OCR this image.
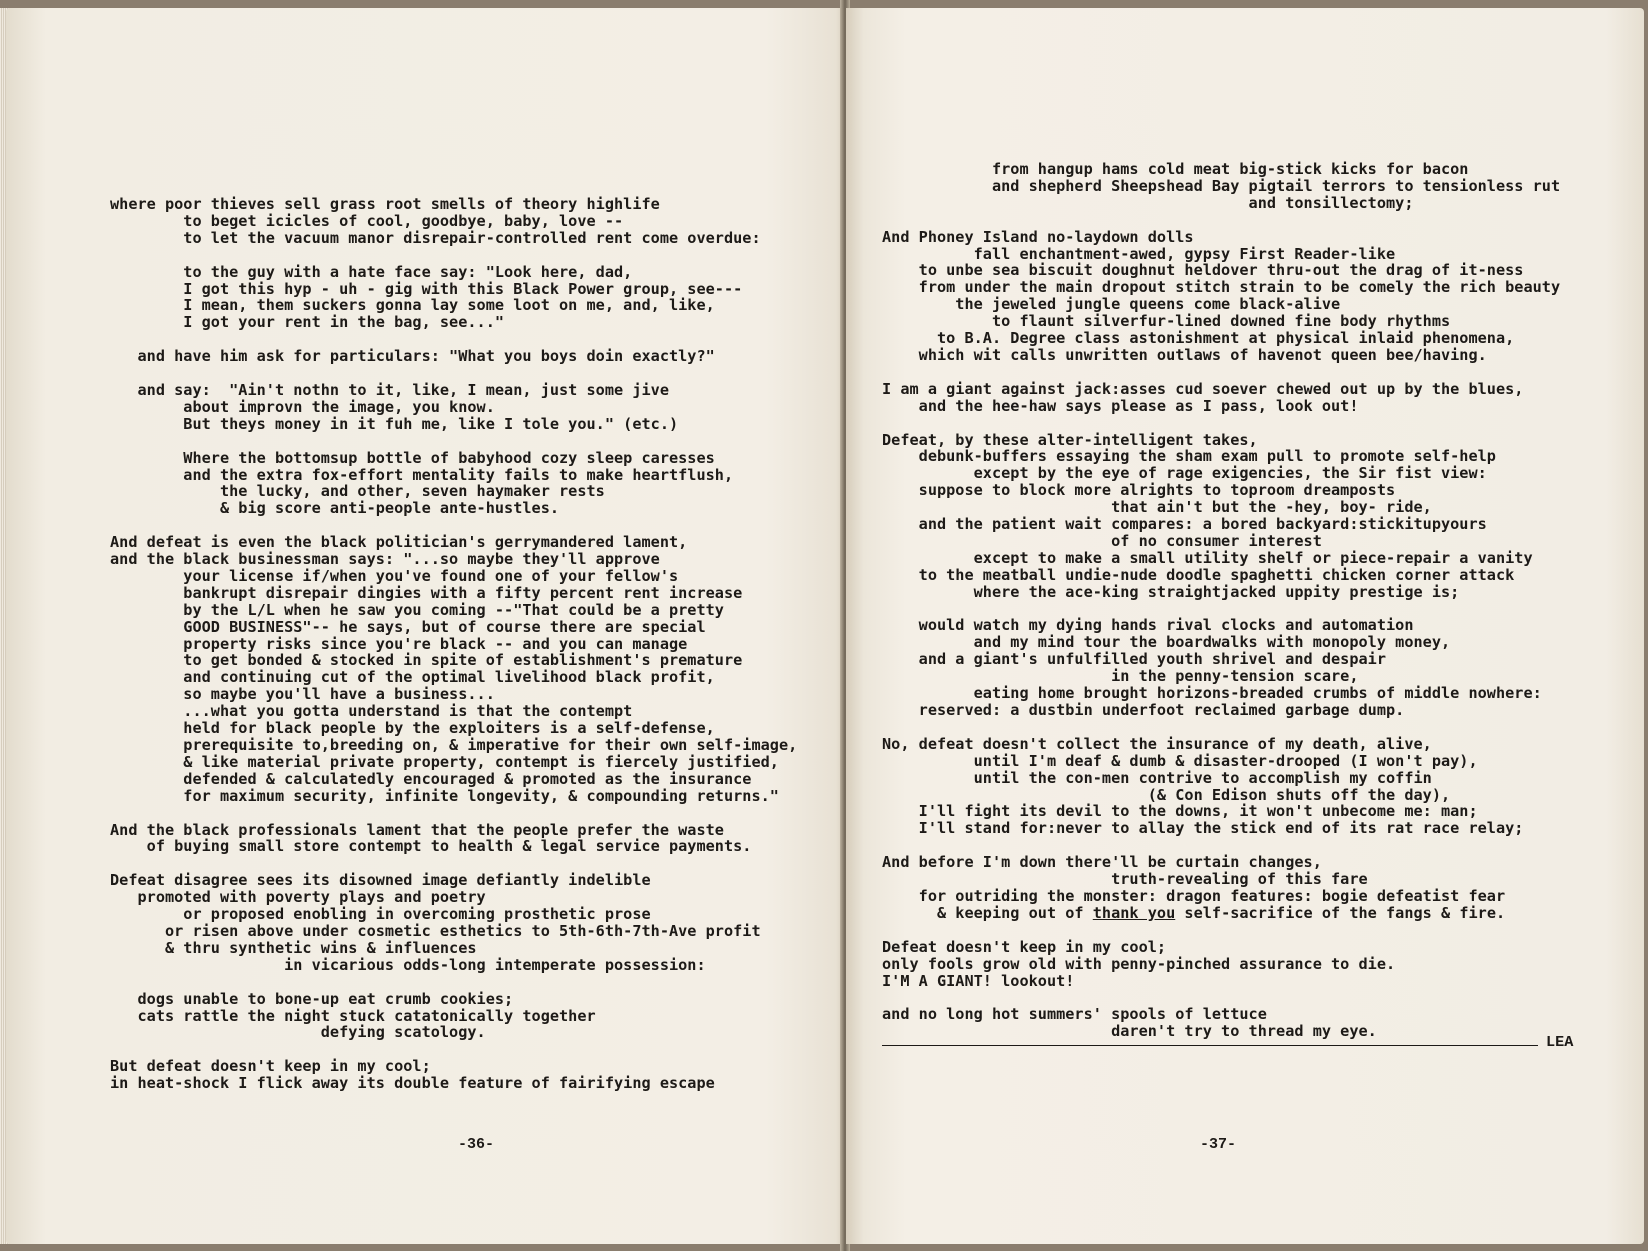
where poor thieves sell grass root smells of theory highlife
to beget icicles of cool, goodbye, baby, love --
to let the vacuum manor disrepair-controlled rent come overdue:

to the guy with a hate face say: "Look here, dad,
I got this hyp - uh - gig with this Black Power group, see---
I mean, them suckers gonna lay some loot on me, and, like,
I got your rent in the bag, see..."

and have him ask for particulars: "What you boys doin exactly?"

and say:  "Ain't nothn to it, like, I mean, just some jive
about improvn the image, you know.
But theys money in it fuh me, like I tole you." (etc.)

Where the bottomsup bottle of babyhood cozy sleep caresses
and the extra fox-effort mentality fails to make heartflush,
the lucky, and other, seven haymaker rests
& big score anti-people ante-hustles.

And defeat is even the black politician's gerrymandered lament,
and the black businessman says: "...so maybe they'll approve
your license if/when you've found one of your fellow's
bankrupt disrepair dingies with a fifty percent rent increase
by the L/L when he saw you coming --"That could be a pretty
GOOD BUSINESS"-- he says, but of course there are special
property risks since you're black -- and you can manage
to get bonded & stocked in spite of establishment's premature
and continuing cut of the optimal livelihood black profit,
so maybe you'll have a business...
...what you gotta understand is that the contempt
held for black people by the exploiters is a self-defense,
prerequisite to,breeding on, & imperative for their own self-image,
& like material private property, contempt is fiercely justified,
defended & calculatedly encouraged & promoted as the insurance
for maximum security, infinite longevity, & compounding returns."

And the black professionals lament that the people prefer the waste
of buying small store contempt to health & legal service payments.

Defeat disagree sees its disowned image defiantly indelible
promoted with poverty plays and poetry
or proposed enobling in overcoming prosthetic prose
or risen above under cosmetic esthetics to 5th-6th-7th-Ave profit
& thru synthetic wins & influences
in vicarious odds-long intemperate possession:

dogs unable to bone-up eat crumb cookies;
cats rattle the night stuck catatonically together
defying scatology.

But defeat doesn't keep in my cool;
in heat-shock I flick away its double feature of fairifying escape
-36-
from hangup hams cold meat big-stick kicks for bacon
and shepherd Sheepshead Bay pigtail terrors to tensionless rut
and tonsillectomy;

And Phoney Island no-laydown dolls
fall enchantment-awed, gypsy First Reader-like
to unbe sea biscuit doughnut heldover thru-out the drag of it-ness
from under the main dropout stitch strain to be comely the rich beauty
the jeweled jungle queens come black-alive
to flaunt silverfur-lined downed fine body rhythms
to B.A. Degree class astonishment at physical inlaid phenomena,
which wit calls unwritten outlaws of havenot queen bee/having.

I am a giant against jack:asses cud soever chewed out up by the blues,
and the hee-haw says please as I pass, look out!

Defeat, by these alter-intelligent takes,
debunk-buffers essaying the sham exam pull to promote self-help
except by the eye of rage exigencies, the Sir fist view:
suppose to block more alrights to toproom dreamposts
that ain't but the -hey, boy- ride,
and the patient wait compares: a bored backyard:stickitupyours
of no consumer interest
except to make a small utility shelf or piece-repair a vanity
to the meatball undie-nude doodle spaghetti chicken corner attack
where the ace-king straightjacked uppity prestige is;

would watch my dying hands rival clocks and automation
and my mind tour the boardwalks with monopoly money,
and a giant's unfulfilled youth shrivel and despair
in the penny-tension scare,
eating home brought horizons-breaded crumbs of middle nowhere:
reserved: a dustbin underfoot reclaimed garbage dump.

No, defeat doesn't collect the insurance of my death, alive,
until I'm deaf & dumb & disaster-drooped (I won't pay),
until the con-men contrive to accomplish my coffin
(& Con Edison shuts off the day),
I'll fight its devil to the downs, it won't unbecome me: man;
I'll stand for:never to allay the stick end of its rat race relay;

And before I'm down there'll be curtain changes,
truth-revealing of this fare
for outriding the monster: dragon features: bogie defeatist fear
& keeping out of thank you self-sacrifice of the fangs & fire.

Defeat doesn't keep in my cool;
only fools grow old with penny-pinched assurance to die.
I'M A GIANT! lookout!

and no long hot summers' spools of lettuce
daren't try to thread my eye.
LEA
-37-
